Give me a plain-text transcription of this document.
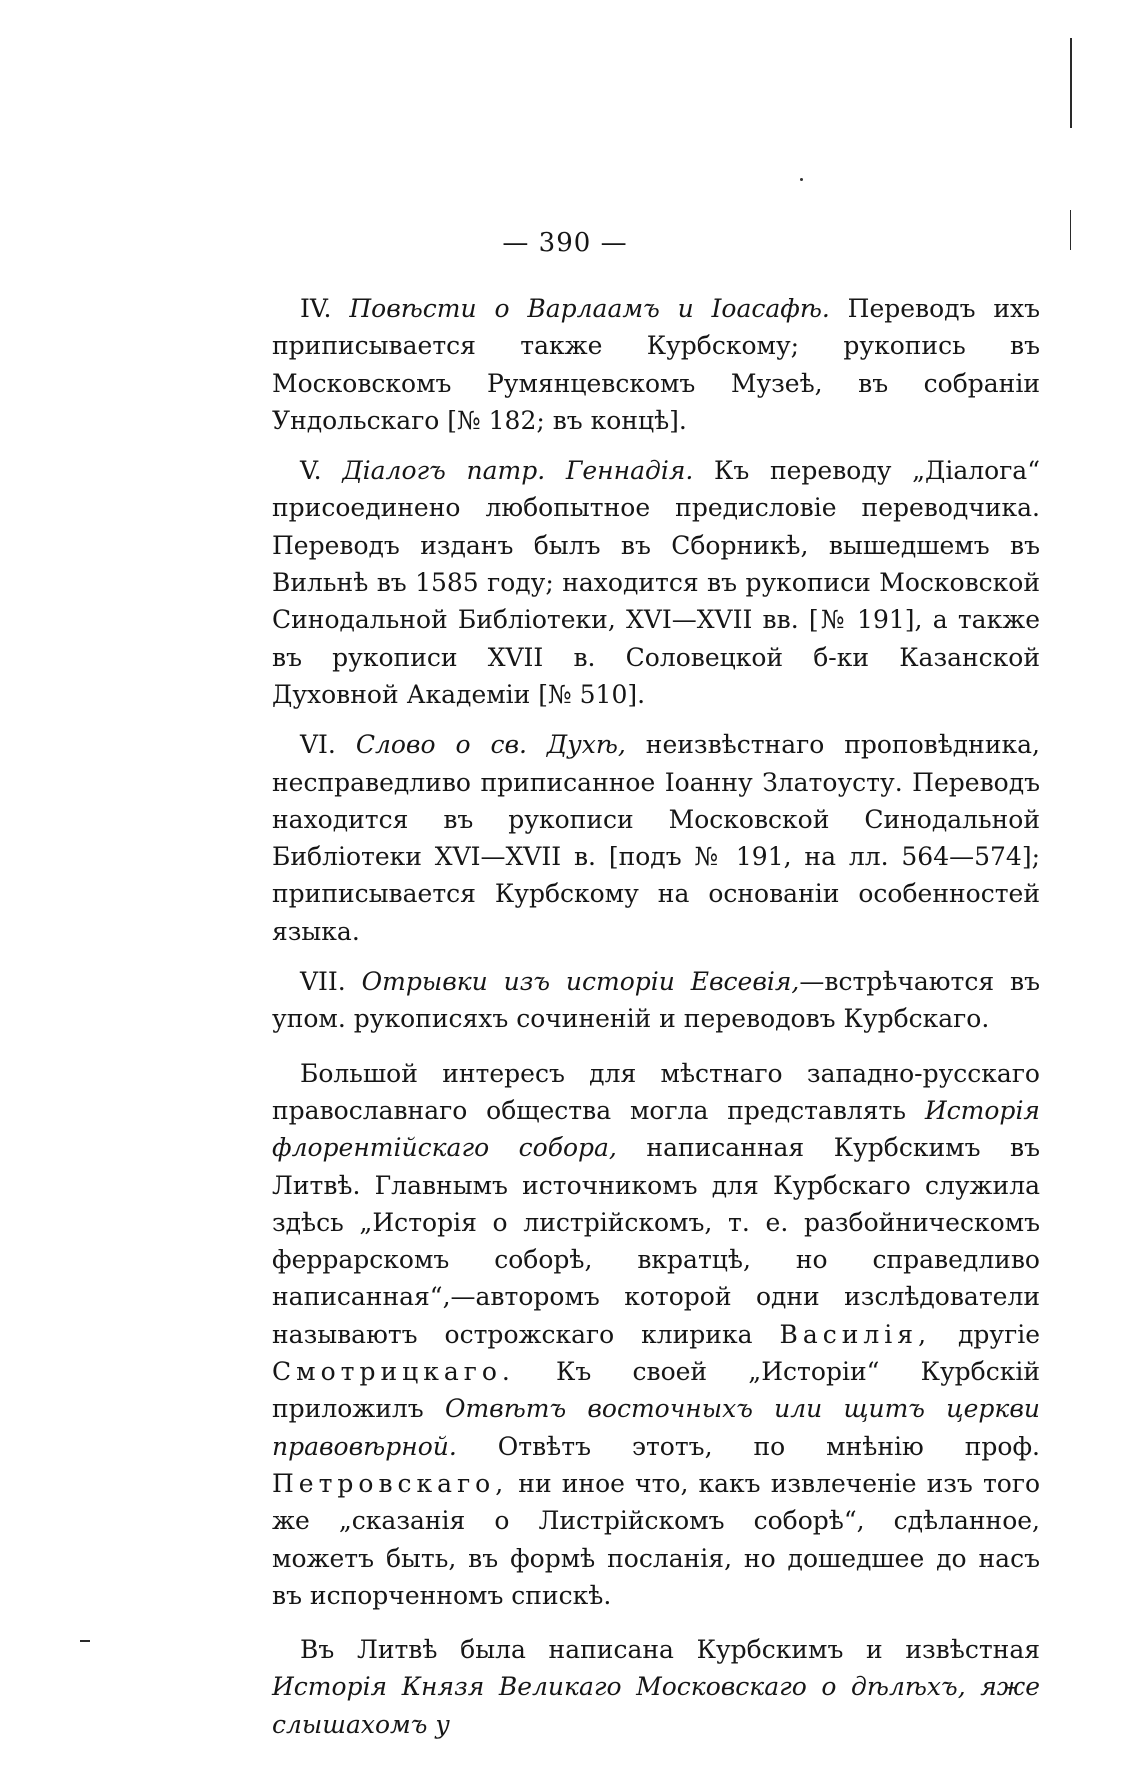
— 390 —

IV. Повѣсти о Варлаамъ и Іоасафѣ. Переводъ ихъ приписывается также Курбскому; рукопись въ Московскомъ Румянцевскомъ Музеѣ, въ собраніи Ундольскаго [№ 182; въ концѣ].

V. Діалогъ патр. Геннадія. Къ переводу „Діалога“ присоединено любопытное предисловіе переводчика. Переводъ изданъ былъ въ Сборникѣ, вышедшемъ въ Вильнѣ въ 1585 году; находится въ рукописи Московской Синодальной Библіотеки, XVI—XVII вв. [№ 191], а также въ рукописи XVII в. Соловецкой б-ки Казанской Духовной Академіи [№ 510].

VI. Слово о св. Духѣ, неизвѣстнаго проповѣдника, несправедливо приписанное Іоанну Златоусту. Переводъ находится въ рукописи Московской Синодальной Библіотеки XVI—XVII в. [подъ № 191, на лл. 564—574]; приписывается Курбскому на основаніи особенностей языка.

VII. Отрывки изъ исторіи Евсевія,—встрѣчаются въ упом. рукописяхъ сочиненій и переводовъ Курбскаго.

Большой интересъ для мѣстнаго западно-русскаго православнаго общества могла представлять Исторія флорентійскаго собора, написанная Курбскимъ въ Литвѣ. Главнымъ источникомъ для Курбскаго служила здѣсь „Исторія о листрійскомъ, т. е. разбойническомъ феррарскомъ соборѣ, вкратцѣ, но справедливо написанная“,—авторомъ которой одни изслѣдователи называютъ острожскаго клирика Василія, другіе Смотрицкаго. Къ своей „Исторіи“ Курбскій приложилъ Отвѣтъ восточныхъ или щитъ церкви правовѣрной. Отвѣтъ этотъ, по мнѣнію проф. Петровскаго, ни иное что, какъ извлеченіе изъ того же „сказанія о Листрійскомъ соборѣ“, сдѣланное, можетъ быть, въ формѣ посланія, но дошедшее до насъ въ испорченномъ спискѣ.

Въ Литвѣ была написана Курбскимъ и извѣстная Исторія Князя Великаго Московскаго о дѣлѣхъ, яже слышахомъ у
